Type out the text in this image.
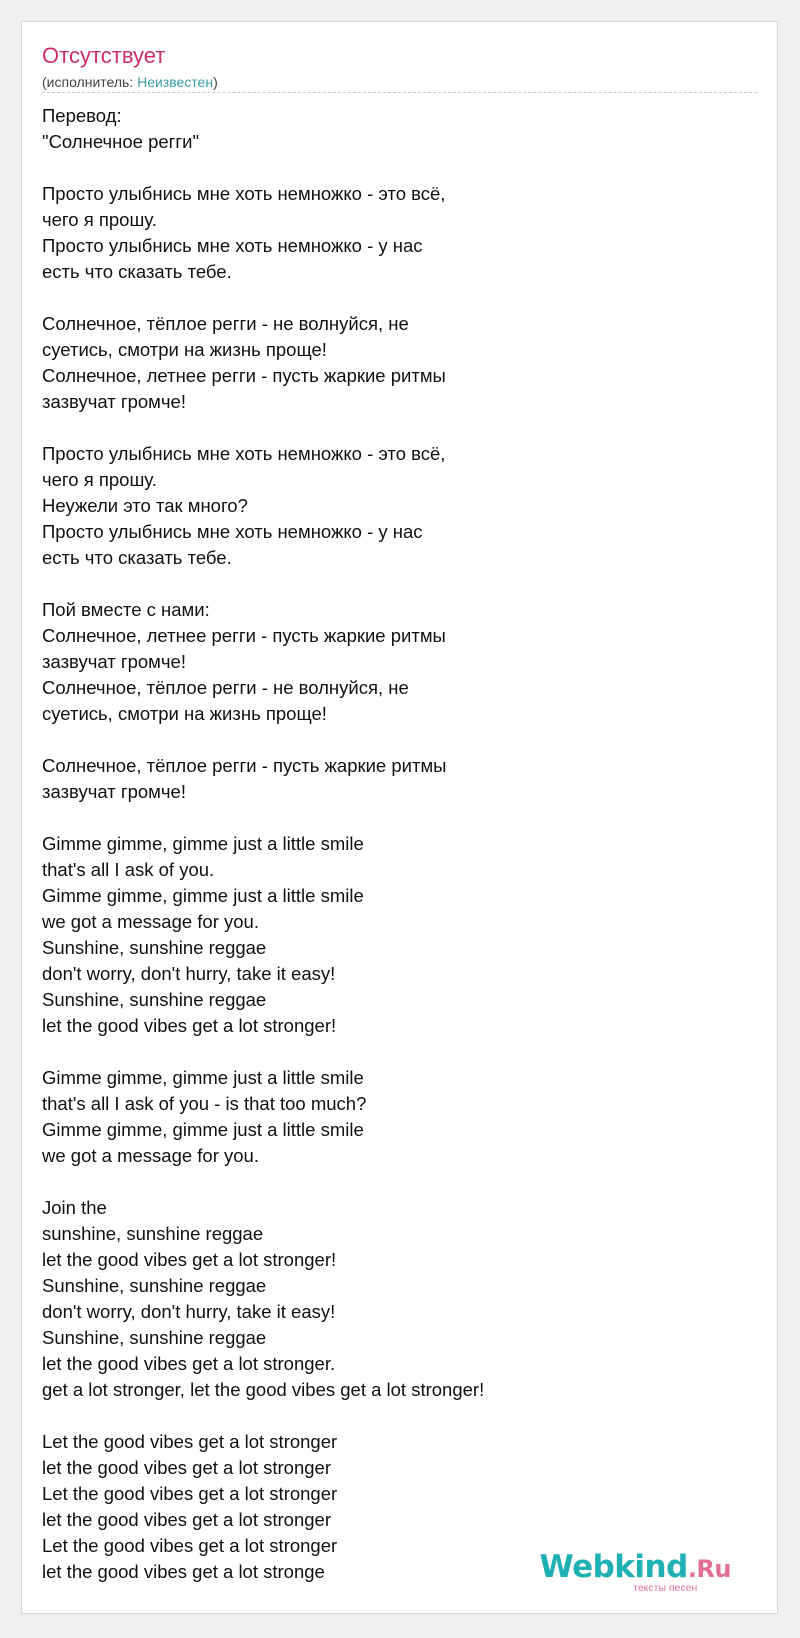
Отсутствует
(исполнитель: Неизвестен)
Перевод:
"Солнечное регги"
Просто улыбнись мне хоть немножко - это всё,
чего я прошу.
Просто улыбнись мне хоть немножко - у нас
есть что сказать тебе.
Солнечное, тёплое регги - не волнуйся, не
суетись, смотри на жизнь проще!
Солнечное, летнее регги - пусть жаркие ритмы
зазвучат громче!
Просто улыбнись мне хоть немножко - это всё,
чего я прошу.
Неужели это так много?
Просто улыбнись мне хоть немножко - у нас
есть что сказать тебе.
Пой вместе с нами:
Солнечное, летнее регги - пусть жаркие ритмы
зазвучат громче!
Солнечное, тёплое регги - не волнуйся, не
суетись, смотри на жизнь проще!
Солнечное, тёплое регги - пусть жаркие ритмы
зазвучат громче!
Gimme gimme, gimme just a little smile
that's all I ask of you.
Gimme gimme, gimme just a little smile
we got a message for you.
Sunshine, sunshine reggae
don't worry, don't hurry, take it easy!
Sunshine, sunshine reggae
let the good vibes get a lot stronger!
Gimme gimme, gimme just a little smile
that's all I ask of you - is that too much?
Gimme gimme, gimme just a little smile
we got a message for you.
Join the
sunshine, sunshine reggae
let the good vibes get a lot stronger!
Sunshine, sunshine reggae
don't worry, don't hurry, take it easy!
Sunshine, sunshine reggae
let the good vibes get a lot stronger.
get a lot stronger, let the good vibes get a lot stronger!
Let the good vibes get a lot stronger
let the good vibes get a lot stronger
Let the good vibes get a lot stronger
let the good vibes get a lot stronger
Let the good vibes get a lot stronger
let the good vibes get a lot stronge	Webkind.Ru
тексты песен
